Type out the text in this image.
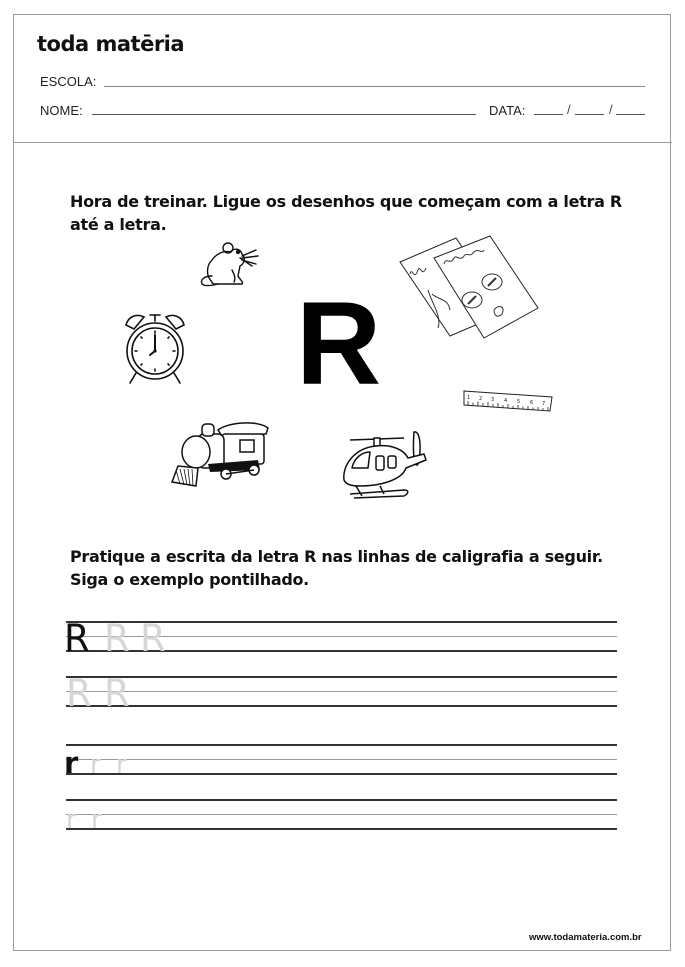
toda matēria
ESCOLA:
NOME:	DATA:	/	/
Hora de treinar. Ligue os desenhos que começam com a letra R
até a letra.
R	1 2 3 4 5 6 7
Pratique a escrita da letra R nas linhas de caligrafia a seguir.
Siga o exemplo pontilhado.
R R R
R R
r r r
r r
www.todamateria.com.br
